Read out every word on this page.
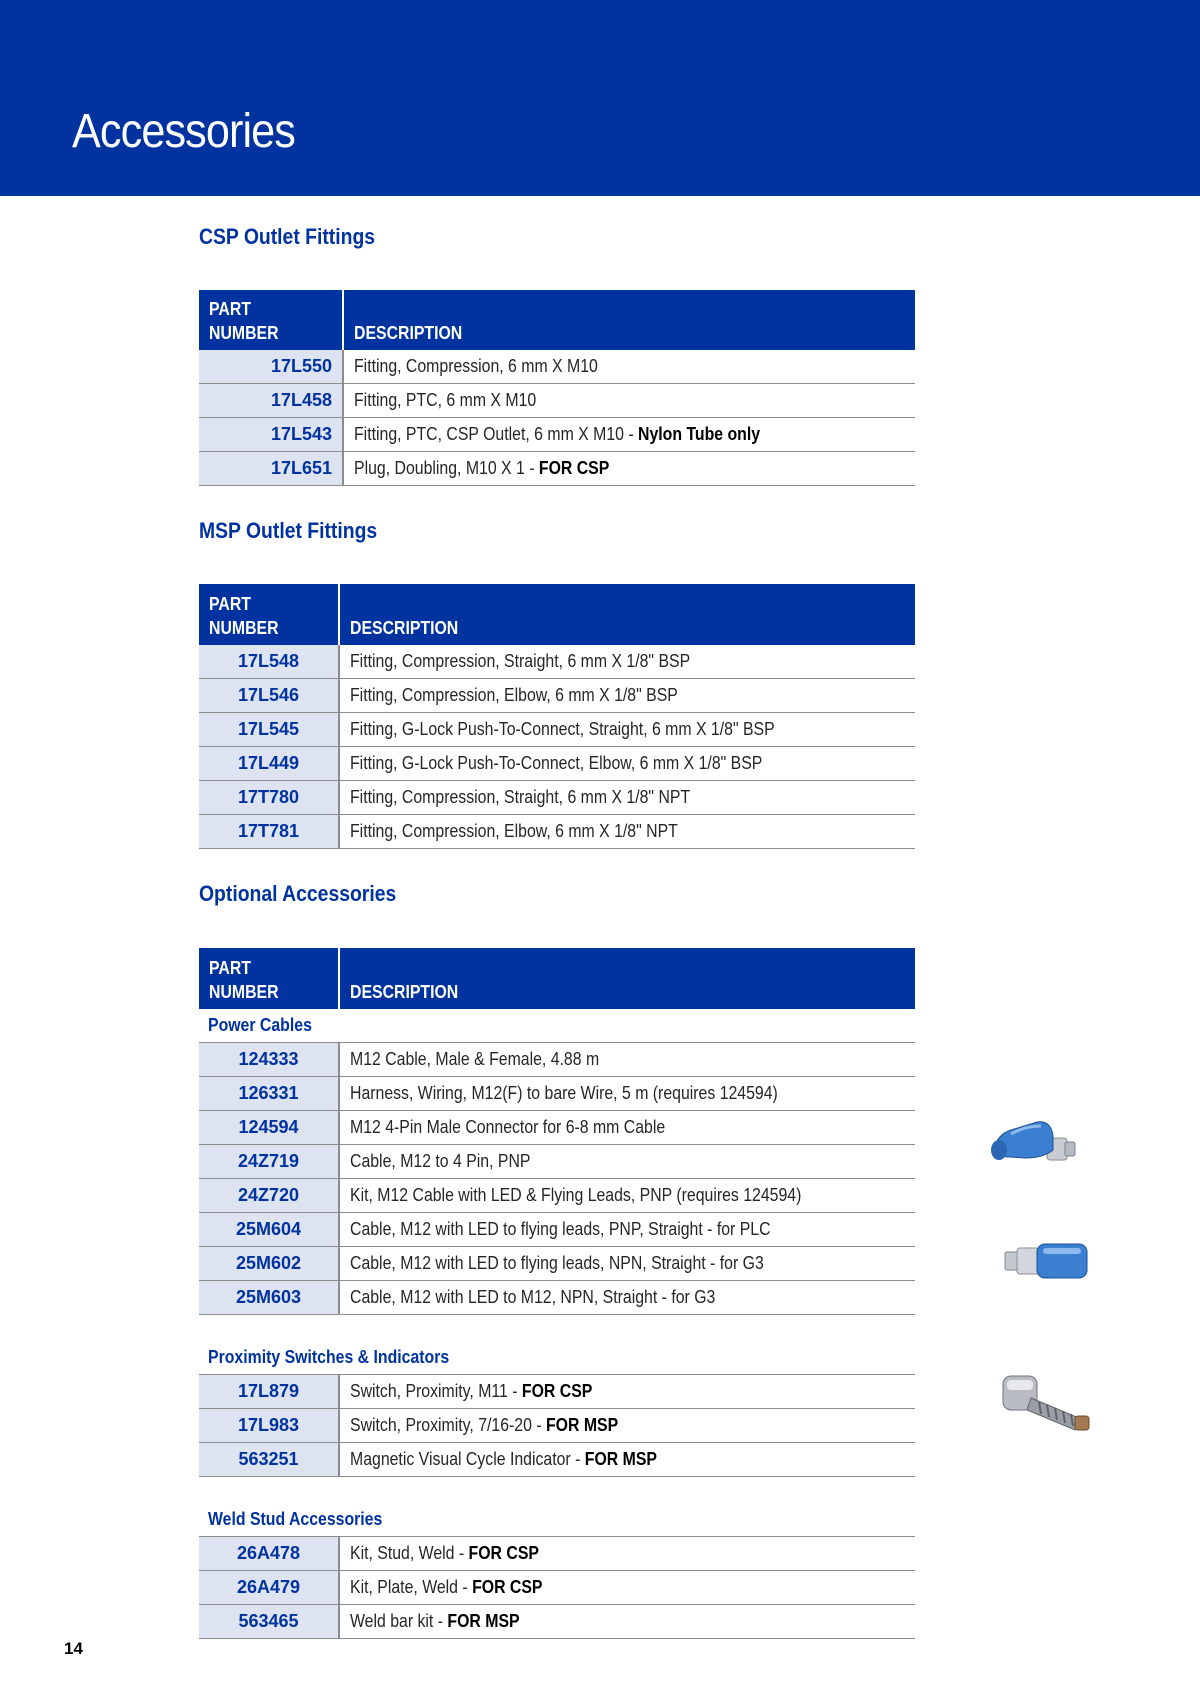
Accessories
CSP Outlet Fittings
PART NUMBER	DESCRIPTION
17L550	Fitting, Compression, 6 mm X M10
17L458	Fitting, PTC, 6 mm X M10
17L543	Fitting, PTC, CSP Outlet, 6 mm X M10 - Nylon Tube only
17L651	Plug, Doubling, M10 X 1 - FOR CSP
MSP Outlet Fittings
PART
NUMBER	DESCRIPTION
17L548	Fitting, Compression, Straight, 6 mm X 1/8" BSP
17L546	Fitting, Compression, Elbow, 6 mm X 1/8" BSP
17L545	Fitting, G-Lock Push-To-Connect, Straight, 6 mm X 1/8" BSP
17L449	Fitting, G-Lock Push-To-Connect, Elbow, 6 mm X 1/8" BSP
17T780	Fitting, Compression, Straight, 6 mm X 1/8" NPT
17T781	Fitting, Compression, Elbow, 6 mm X 1/8" NPT
Optional Accessories
PART
NUMBER	DESCRIPTION
Power Cables	
124333	M12 Cable, Male & Female, 4.88 m
126331	Harness, Wiring, M12(F) to bare Wire, 5 m (requires 124594)
124594	M12 4-Pin Male Connector for 6-8 mm Cable
24Z719	Cable, M12 to 4 Pin, PNP
24Z720	Kit, M12 Cable with LED & Flying Leads, PNP (requires 124594)
25M604	Cable, M12 with LED to flying leads, PNP, Straight - for PLC
25M602	Cable, M12 with LED to flying leads, NPN, Straight - for G3
25M603	Cable, M12 with LED to M12, NPN, Straight - for G3

Proximity Switches & Indicators	
17L879	Switch, Proximity, M11 - FOR CSP
17L983	Switch, Proximity, 7/16-20 - FOR MSP
563251	Magnetic Visual Cycle Indicator - FOR MSP

Weld Stud Accessories	
26A478	Kit, Stud, Weld - FOR CSP
26A479	Kit, Plate, Weld - FOR CSP
563465	Weld bar kit - FOR MSP
14
